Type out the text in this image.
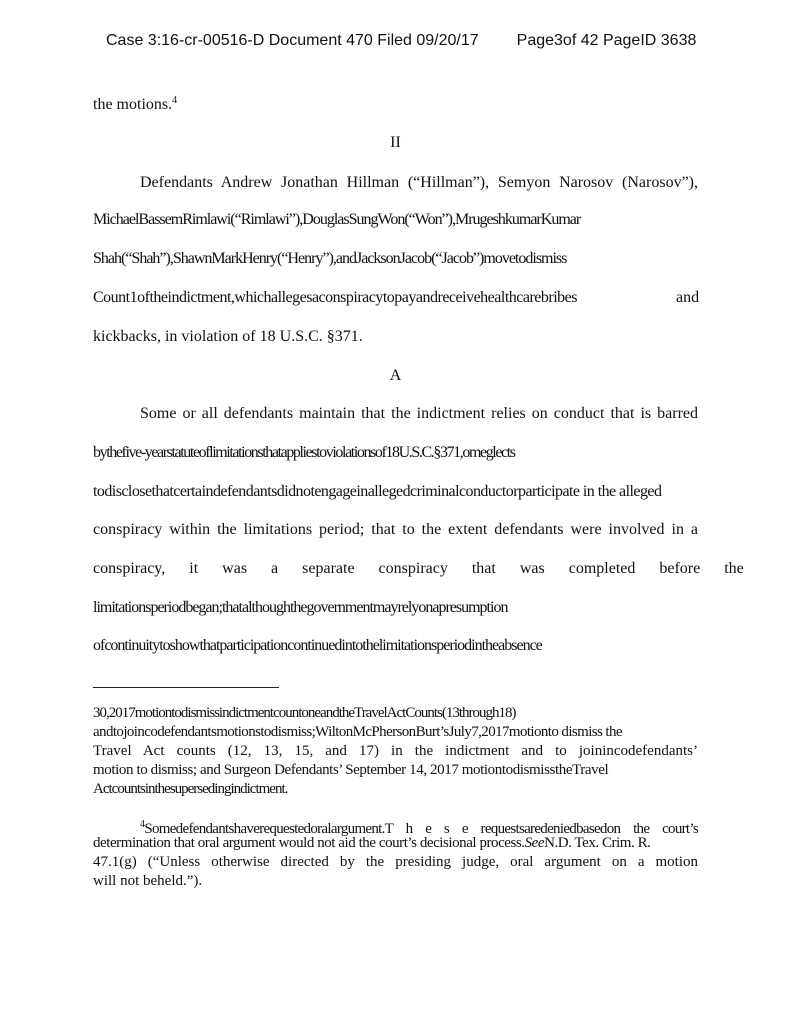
Case 3:16-cr-00516-D Document 470 Filed 09/20/17 Page3of 42 PageID 3638
the motions.$^4$
II
Defendants Andrew Jonathan Hillman (“Hillman”), Semyon Narosov (Narosov”),
MichaelBassemRimlawi(“Rimlawi”),DouglasSungWon(“Won”),MrugeshkumarKumar
Shah(“Shah”),ShawnMarkHenry(“Henry”),andJacksonJacob(“Jacob”)movetodismiss
Count1oftheindictment,whichallegesaconspiracytopayandreceivehealthcarebribes	and
kickbacks, in violation of 18 U.S.C. §371.
A
Some or all defendants maintain that the indictment relies on conduct that is barred
bythefive-yearstatuteoflimitationsthatappliestoviolationsof18U.S.C.§371,omeglects
todisclosethatcertaindefendantsdidnotengageinallegedcriminalconductorparticipate in the alleged
conspiracy within the limitations period; that to the extent defendants were involved in a
conspiracy, it was a separate conspiracy that was completed before the
limitationsperiodbegan;thatalthoughthegovernmentmayrelyonapresumption
ofcontinuitytoshowthatparticipationcontinuedintothelimitationsperiodintheabsence
30,2017motiontodismissindictmentcountoneandtheTravelActCounts(13through18)
andtojoincodefendantsmotionstodismiss;WiltonMcPhersonBurt’sJuly7,2017motionto dismiss the
Travel Act counts (12, 13, 15, and 17) in the indictment and to joinincodefendants’
motion to dismiss; and Surgeon Defendants’ September 14, 2017 motiontodismisstheTravel
Actcountsinthesupersedingindictment.
$^4$Somedefendantshaverequestedoralargument.T h e s e requestsaredeniedbasedon the court’s
determination that oral argument would not aid the court’s decisional process.SeeN.D. Tex. Crim. R.
47.1(g) (“Unless otherwise directed by the presiding judge, oral argument on a motion
will not beheld.”).
